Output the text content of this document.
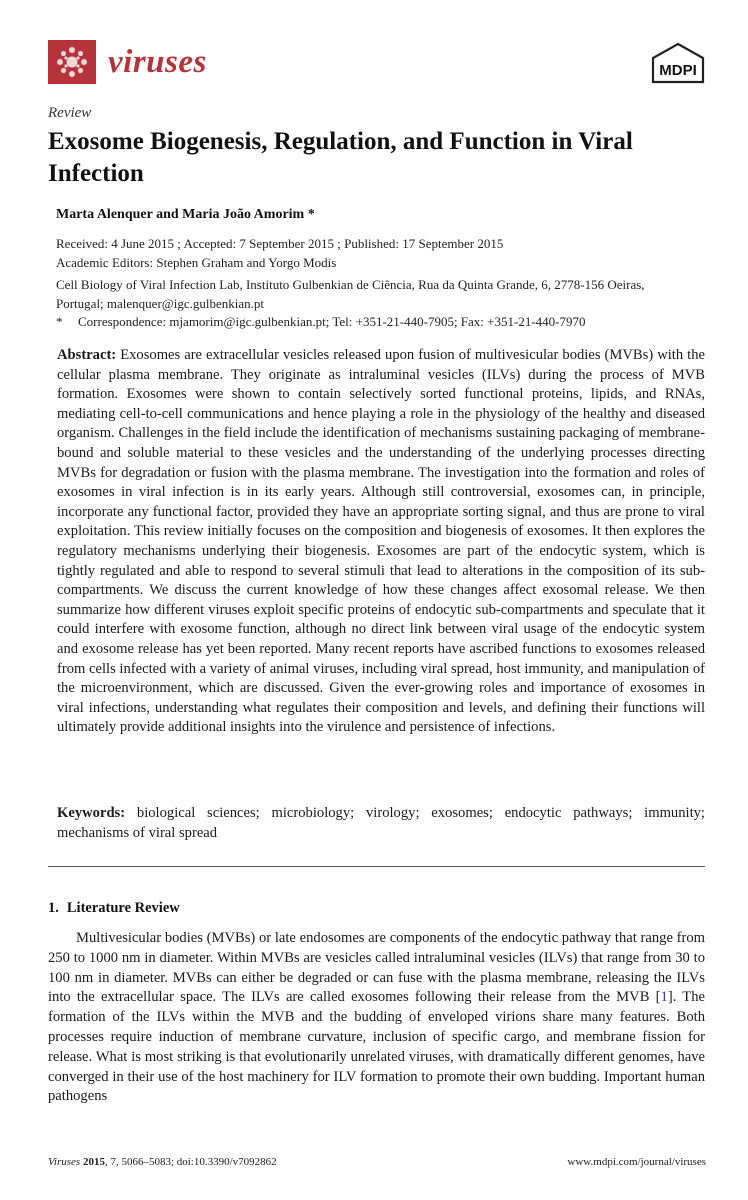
viruses	MDPI
Review
Exosome Biogenesis, Regulation, and Function in Viral Infection
Marta Alenquer and Maria João Amorim *
Received: 4 June 2015 ; Accepted: 7 September 2015 ; Published: 17 September 2015
Academic Editors: Stephen Graham and Yorgo Modis
Cell Biology of Viral Infection Lab, Instituto Gulbenkian de Ciência, Rua da Quinta Grande, 6, 2778-156 Oeiras,
Portugal; malenquer@igc.gulbenkian.pt
* Correspondence: mjamorim@igc.gulbenkian.pt; Tel: +351-21-440-7905; Fax: +351-21-440-7970

Abstract: Exosomes are extracellular vesicles released upon fusion of multivesicular bodies (MVBs) with the cellular plasma membrane. They originate as intraluminal vesicles (ILVs) during the process of MVB formation. Exosomes were shown to contain selectively sorted functional proteins, lipids, and RNAs, mediating cell-to-cell communications and hence playing a role in the physiology of the healthy and diseased organism. Challenges in the field include the identification of mechanisms sustaining packaging of membrane-bound and soluble material to these vesicles and the understanding of the underlying processes directing MVBs for degradation or fusion with the plasma membrane. The investigation into the formation and roles of exosomes in viral infection is in its early years. Although still controversial, exosomes can, in principle, incorporate any functional factor, provided they have an appropriate sorting signal, and thus are prone to viral exploitation. This review initially focuses on the composition and biogenesis of exosomes. It then explores the regulatory mechanisms underlying their biogenesis. Exosomes are part of the endocytic system, which is tightly regulated and able to respond to several stimuli that lead to alterations in the composition of its sub-compartments. We discuss the current knowledge of how these changes affect exosomal release. We then summarize how different viruses exploit specific proteins of endocytic sub-compartments and speculate that it could interfere with exosome function, although no direct link between viral usage of the endocytic system and exosome release has yet been reported. Many recent reports have ascribed functions to exosomes released from cells infected with a variety of animal viruses, including viral spread, host immunity, and manipulation of the microenvironment, which are discussed. Given the ever-growing roles and importance of exosomes in viral infections, understanding what regulates their composition and levels, and defining their functions will ultimately provide additional insights into the virulence and persistence of infections.

Keywords: biological sciences; microbiology; virology; exosomes; endocytic pathways; immunity; mechanisms of viral spread

1. Literature Review

Multivesicular bodies (MVBs) or late endosomes are components of the endocytic pathway that range from 250 to 1000 nm in diameter. Within MVBs are vesicles called intraluminal vesicles (ILVs) that range from 30 to 100 nm in diameter. MVBs can either be degraded or can fuse with the plasma membrane, releasing the ILVs into the extracellular space. The ILVs are called exosomes following their release from the MVB [1]. The formation of the ILVs within the MVB and the budding of enveloped virions share many features. Both processes require induction of membrane curvature, inclusion of specific cargo, and membrane fission for release. What is most striking is that evolutionarily unrelated viruses, with dramatically different genomes, have converged in their use of the host machinery for ILV formation to promote their own budding. Important human pathogens

Viruses 2015, 7, 5066–5083; doi:10.3390/v7092862	www.mdpi.com/journal/viruses
